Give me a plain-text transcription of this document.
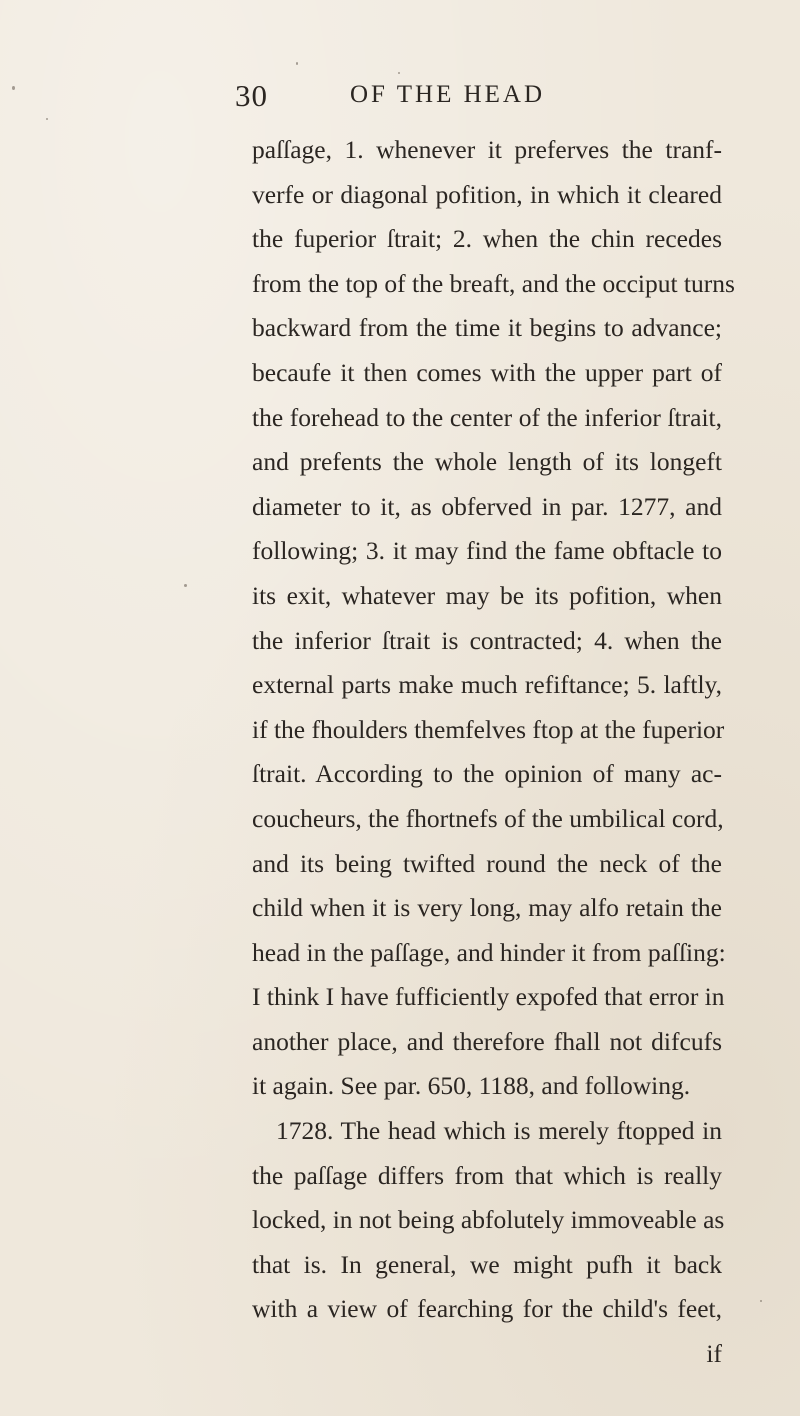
30	OF THE HEAD
paſſage, 1. whenever it preferves the tranf-
verfe or diagonal pofition, in which it cleared
the fuperior ſtrait; 2. when the chin recedes
from the top of the breaft, and the occiput turns
backward from the time it begins to advance;
becaufe it then comes with the upper part of
the forehead to the center of the inferior ſtrait,
and prefents the whole length of its longeft
diameter to it, as obferved in par. 1277, and
following; 3. it may find the fame obftacle to
its exit, whatever may be its pofition, when
the inferior ſtrait is contracted; 4. when the
external parts make much refiftance; 5. laftly,
if the fhoulders themfelves ftop at the fuperior
ſtrait. According to the opinion of many ac-
coucheurs, the fhortnefs of the umbilical cord,
and its being twifted round the neck of the
child when it is very long, may alfo retain the
head in the paſſage, and hinder it from paſſing:
I think I have fufficiently expofed that error in
another place, and therefore fhall not difcufs
it again. See par. 650, 1188, and following.
1728. The head which is merely ftopped in
the paſſage differs from that which is really
locked, in not being abfolutely immoveable as
that is. In general, we might pufh it back
with a view of fearching for the child's feet,
if
